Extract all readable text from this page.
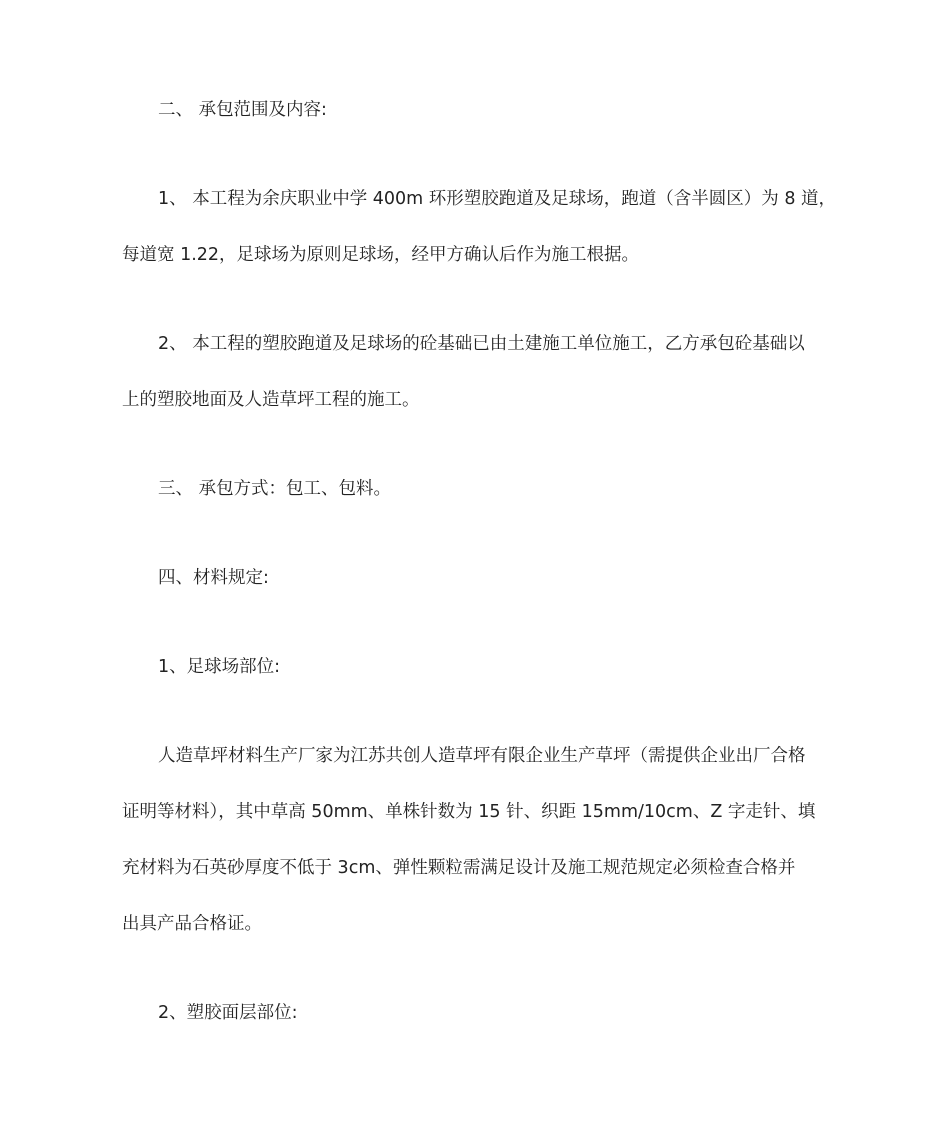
二、 承包范围及内容:
1、 本工程为余庆职业中学 400m 环形塑胶跑道及足球场，跑道（含半圆区）为 8 道，
每道宽 1.22，足球场为原则足球场，经甲方确认后作为施工根据。
2、 本工程的塑胶跑道及足球场的砼基础已由土建施工单位施工，乙方承包砼基础以
上的塑胶地面及人造草坪工程的施工。
三、 承包方式：包工、包料。
四、材料规定:
1、足球场部位:
人造草坪材料生产厂家为江苏共创人造草坪有限企业生产草坪（需提供企业出厂合格
证明等材料），其中草高 50mm、单株针数为 15 针、织距 15mm/10cm、Z 字走针、填
充材料为石英砂厚度不低于 3cm、弹性颗粒需满足设计及施工规范规定必须检查合格并
出具产品合格证。
2、塑胶面层部位:
